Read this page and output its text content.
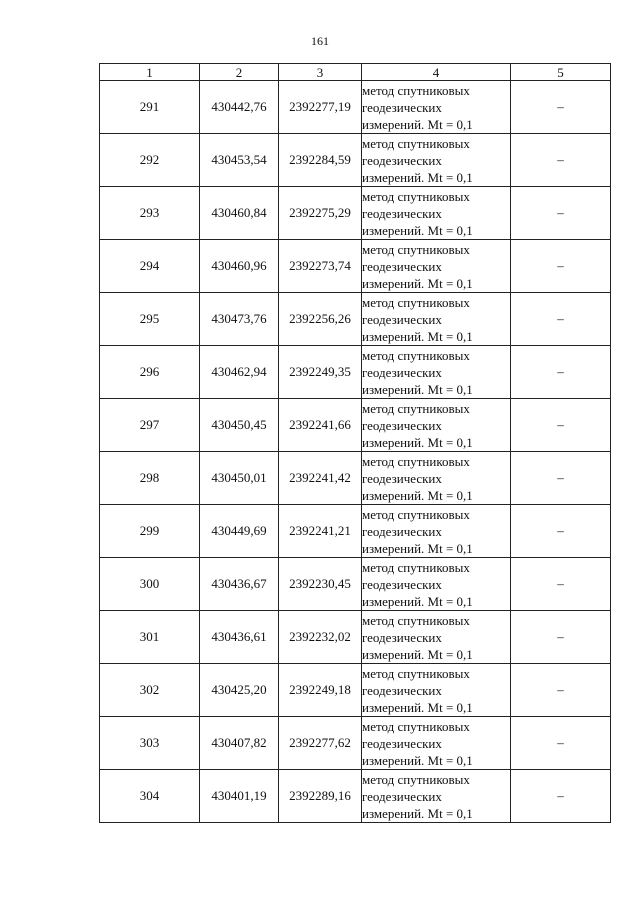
161
1	2	3	4	5
291	430442,76	2392277,19	метод спутниковых
геодезических
измерений. Mt = 0,1	–
292	430453,54	2392284,59	метод спутниковых
геодезических
измерений. Mt = 0,1	–
293	430460,84	2392275,29	метод спутниковых
геодезических
измерений. Mt = 0,1	–
294	430460,96	2392273,74	метод спутниковых
геодезических
измерений. Mt = 0,1	–
295	430473,76	2392256,26	метод спутниковых
геодезических
измерений. Mt = 0,1	–
296	430462,94	2392249,35	метод спутниковых
геодезических
измерений. Mt = 0,1	–
297	430450,45	2392241,66	метод спутниковых
геодезических
измерений. Mt = 0,1	–
298	430450,01	2392241,42	метод спутниковых
геодезических
измерений. Mt = 0,1	–
299	430449,69	2392241,21	метод спутниковых
геодезических
измерений. Mt = 0,1	–
300	430436,67	2392230,45	метод спутниковых
геодезических
измерений. Mt = 0,1	–
301	430436,61	2392232,02	метод спутниковых
геодезических
измерений. Mt = 0,1	–
302	430425,20	2392249,18	метод спутниковых
геодезических
измерений. Mt = 0,1	–
303	430407,82	2392277,62	метод спутниковых
геодезических
измерений. Mt = 0,1	–
304	430401,19	2392289,16	метод спутниковых
геодезических
измерений. Mt = 0,1	–
